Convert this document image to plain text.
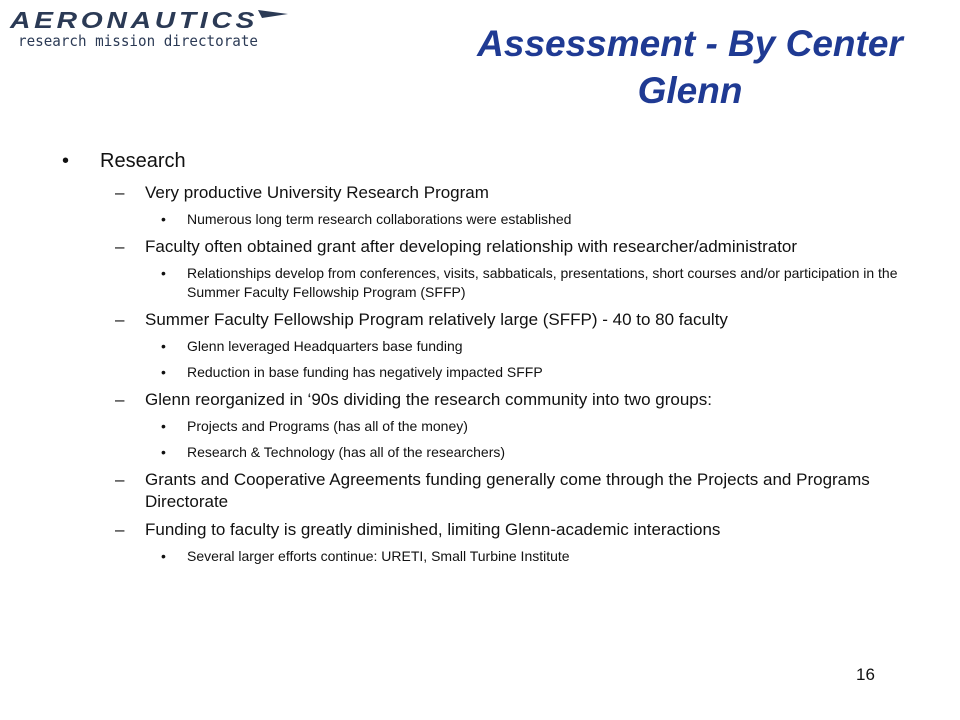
AERONAUTICS
research mission directorate	Assessment - By Center
Glenn
• Research
– Very productive University Research Program
• Numerous long term research collaborations were established
– Faculty often obtained grant after developing relationship with researcher/administrator
• Relationships develop from conferences, visits, sabbaticals, presentations, short courses and/or participation in the Summer Faculty Fellowship Program (SFFP)
– Summer Faculty Fellowship Program relatively large (SFFP) - 40 to 80 faculty
• Glenn leveraged Headquarters base funding
• Reduction in base funding has negatively impacted SFFP
– Glenn reorganized in ‘90s dividing the research community into two groups:
• Projects and Programs (has all of the money)
• Research & Technology (has all of the researchers)
– Grants and Cooperative Agreements funding generally come through the Projects and Programs Directorate
– Funding to faculty is greatly diminished, limiting Glenn-academic interactions
• Several larger efforts continue: URETI, Small Turbine Institute
16
